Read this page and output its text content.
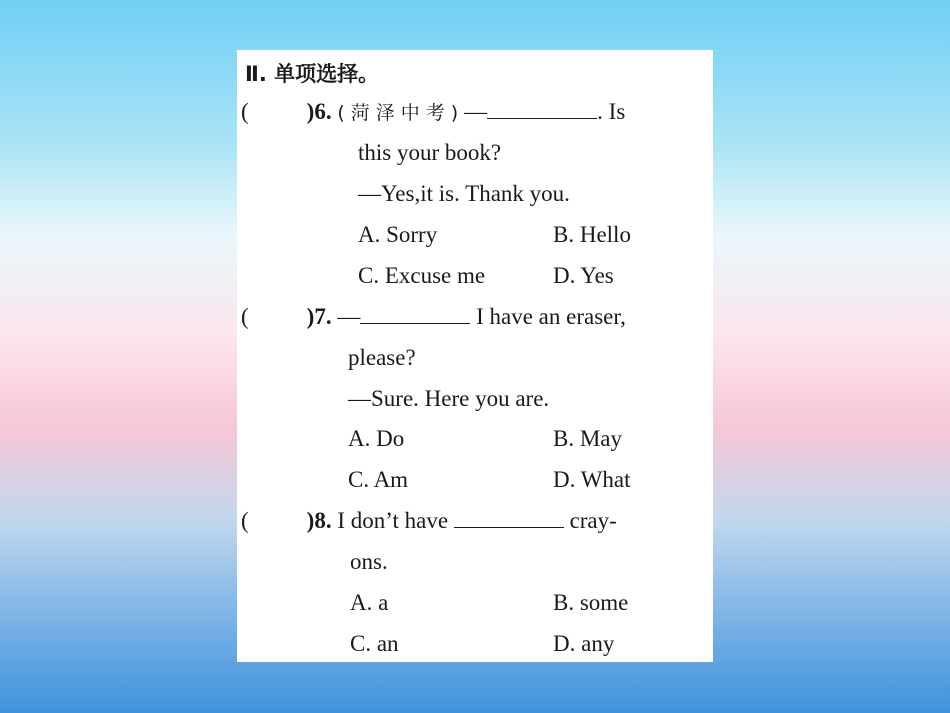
Ⅱ. 单项选择。
(	)6. (菏泽中考)—	. Is
this your book?
—Yes,it is. Thank you.
A. Sorry	B. Hello
C. Excuse me	D. Yes
(	)7. —	I have an eraser,
please?
—Sure. Here you are.
A. Do	B. May
C. Am	D. What
(	)8. I don’t have	cray-
ons.
A. a	B. some
C. an	D. any
